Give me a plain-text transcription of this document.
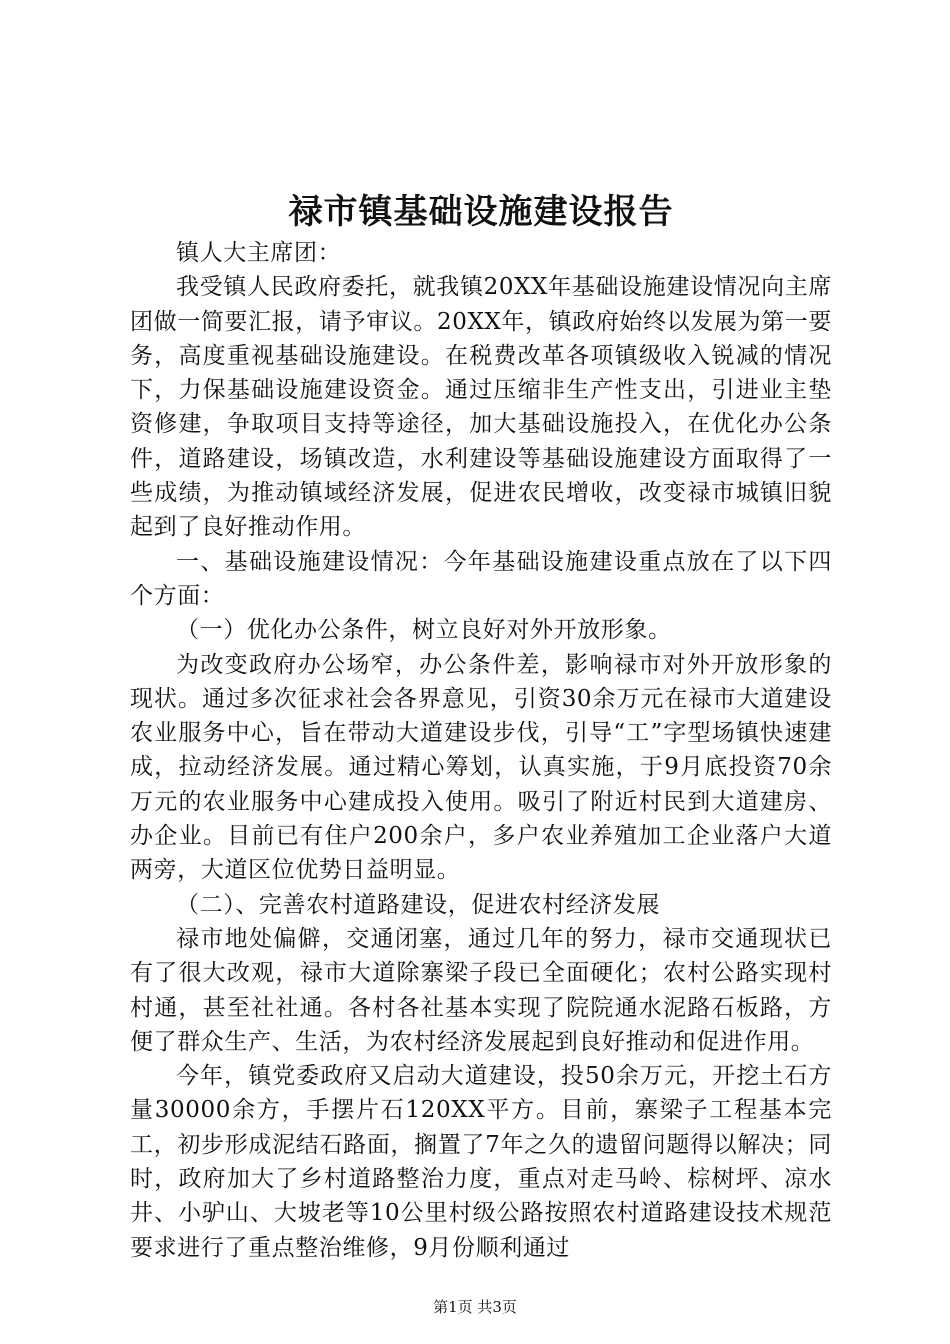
禄市镇基础设施建设报告

镇人大主席团：

我受镇人民政府委托，就我镇20XX年基础设施建设情况向主席团做一简要汇报，请予审议。20XX年，镇政府始终以发展为第一要务，高度重视基础设施建设。在税费改革各项镇级收入锐减的情况下，力保基础设施建设资金。通过压缩非生产性支出，引进业主垫资修建，争取项目支持等途径，加大基础设施投入，在优化办公条件，道路建设，场镇改造，水利建设等基础设施建设方面取得了一些成绩，为推动镇域经济发展，促进农民增收，改变禄市城镇旧貌起到了良好推动作用。

一、基础设施建设情况：今年基础设施建设重点放在了以下四个方面：

（一）优化办公条件，树立良好对外开放形象。

为改变政府办公场窄，办公条件差，影响禄市对外开放形象的现状。通过多次征求社会各界意见，引资30余万元在禄市大道建设农业服务中心，旨在带动大道建设步伐，引导“工”字型场镇快速建成，拉动经济发展。通过精心筹划，认真实施，于9月底投资70余万元的农业服务中心建成投入使用。吸引了附近村民到大道建房、办企业。目前已有住户200余户，多户农业养殖加工企业落户大道两旁，大道区位优势日益明显。

（二）、完善农村道路建设，促进农村经济发展

禄市地处偏僻，交通闭塞，通过几年的努力，禄市交通现状已有了很大改观，禄市大道除寨梁子段已全面硬化；农村公路实现村村通，甚至社社通。各村各社基本实现了院院通水泥路石板路，方便了群众生产、生活，为农村经济发展起到良好推动和促进作用。

今年，镇党委政府又启动大道建设，投50余万元，开挖土石方量30000余方，手摆片石120XX平方。目前，寨梁子工程基本完工，初步形成泥结石路面，搁置了7年之久的遗留问题得以解决；同时，政府加大了乡村道路整治力度，重点对走马岭、棕树坪、凉水井、小驴山、大坡老等10公里村级公路按照农村道路建设技术规范要求进行了重点整治维修，9月份顺利通过

第1页 共3页
